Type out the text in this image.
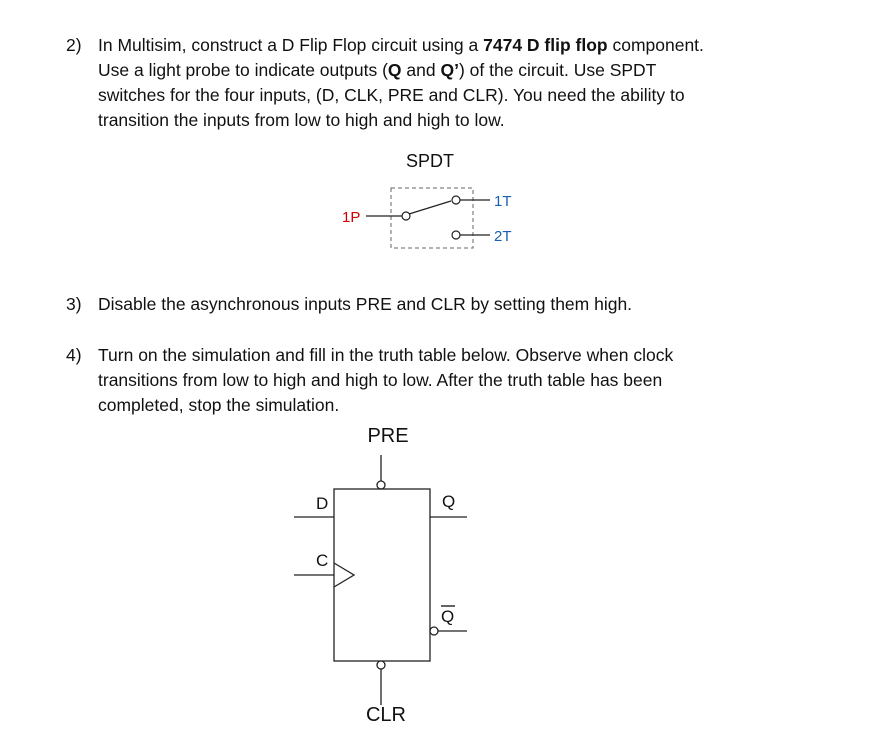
2) In Multisim, construct a D Flip Flop circuit using a 7474 D flip flop component.

Use a light probe to indicate outputs (Q and Q’) of the circuit. Use SPDT

switches for the four inputs, (D, CLK, PRE and CLR). You need the ability to

transition the inputs from low to high and high to low.

SPDT
1P
1T
2T
3) Disable the asynchronous inputs PRE and CLR by setting them high.

4) Turn on the simulation and fill in the truth table below. Observe when clock

transitions from low to high and high to low. After the truth table has been

completed, stop the simulation.

PRE
D
C
Q
Q
CLR
